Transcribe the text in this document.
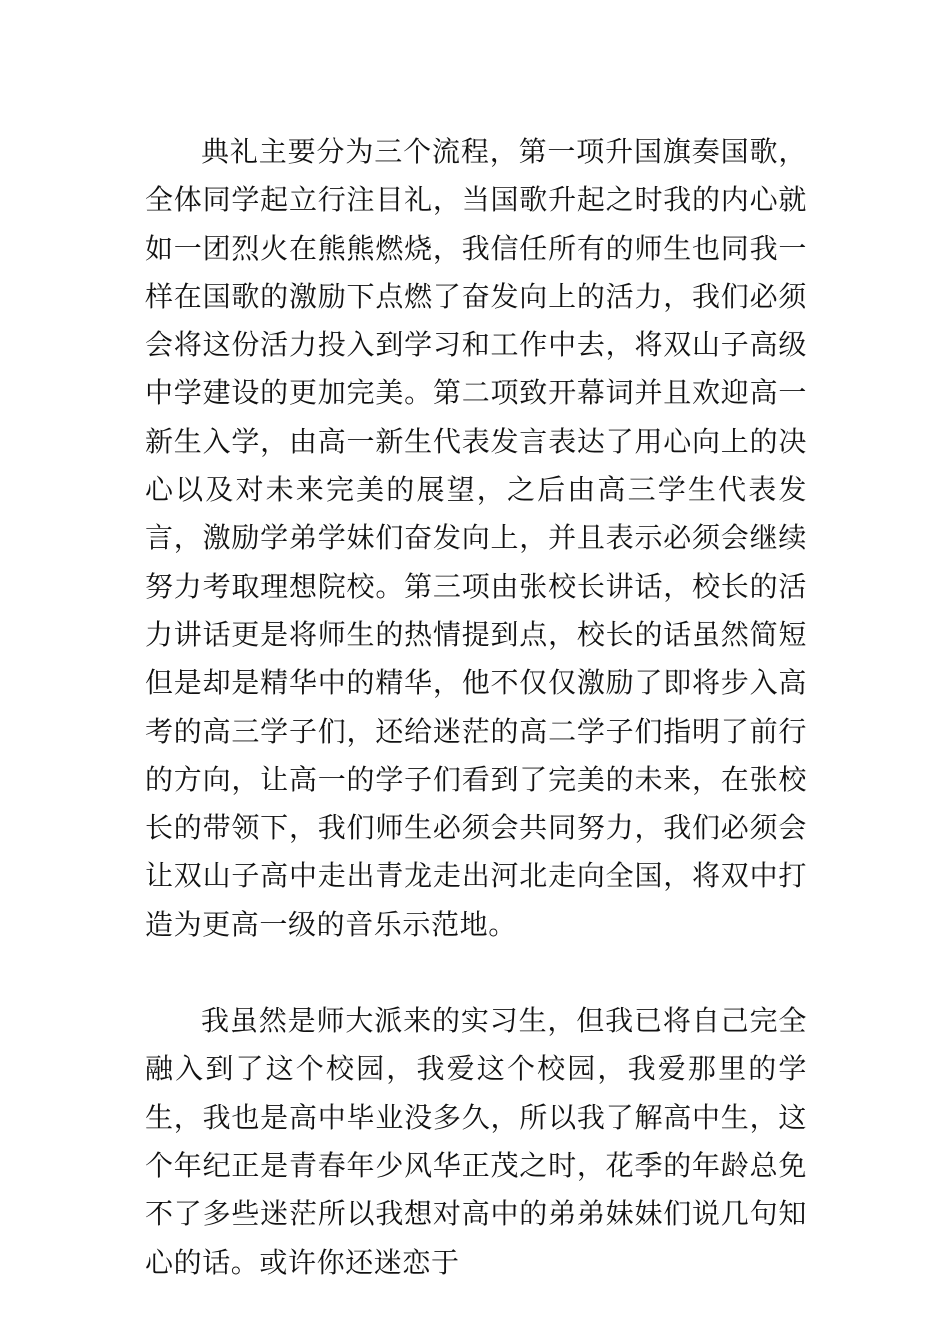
典礼主要分为三个流程，第一项升国旗奏国歌，全体同学起立行注目礼，当国歌升起之时我的内心就如一团烈火在熊熊燃烧，我信任所有的师生也同我一样在国歌的激励下点燃了奋发向上的活力，我们必须会将这份活力投入到学习和工作中去，将双山子高级中学建设的更加完美。第二项致开幕词并且欢迎高一新生入学，由高一新生代表发言表达了用心向上的决心以及对未来完美的展望，之后由高三学生代表发言，激励学弟学妹们奋发向上，并且表示必须会继续努力考取理想院校。第三项由张校长讲话，校长的活力讲话更是将师生的热情提到点，校长的话虽然简短但是却是精华中的精华，他不仅仅激励了即将步入高考的高三学子们，还给迷茫的高二学子们指明了前行的方向，让高一的学子们看到了完美的未来，在张校长的带领下，我们师生必须会共同努力，我们必须会让双山子高中走出青龙走出河北走向全国，将双中打造为更高一级的音乐示范地。

我虽然是师大派来的实习生，但我已将自己完全融入到了这个校园，我爱这个校园，我爱那里的学生，我也是高中毕业没多久，所以我了解高中生，这个年纪正是青春年少风华正茂之时，花季的年龄总免不了多些迷茫所以我想对高中的弟弟妹妹们说几句知心的话。或许你还迷恋于
